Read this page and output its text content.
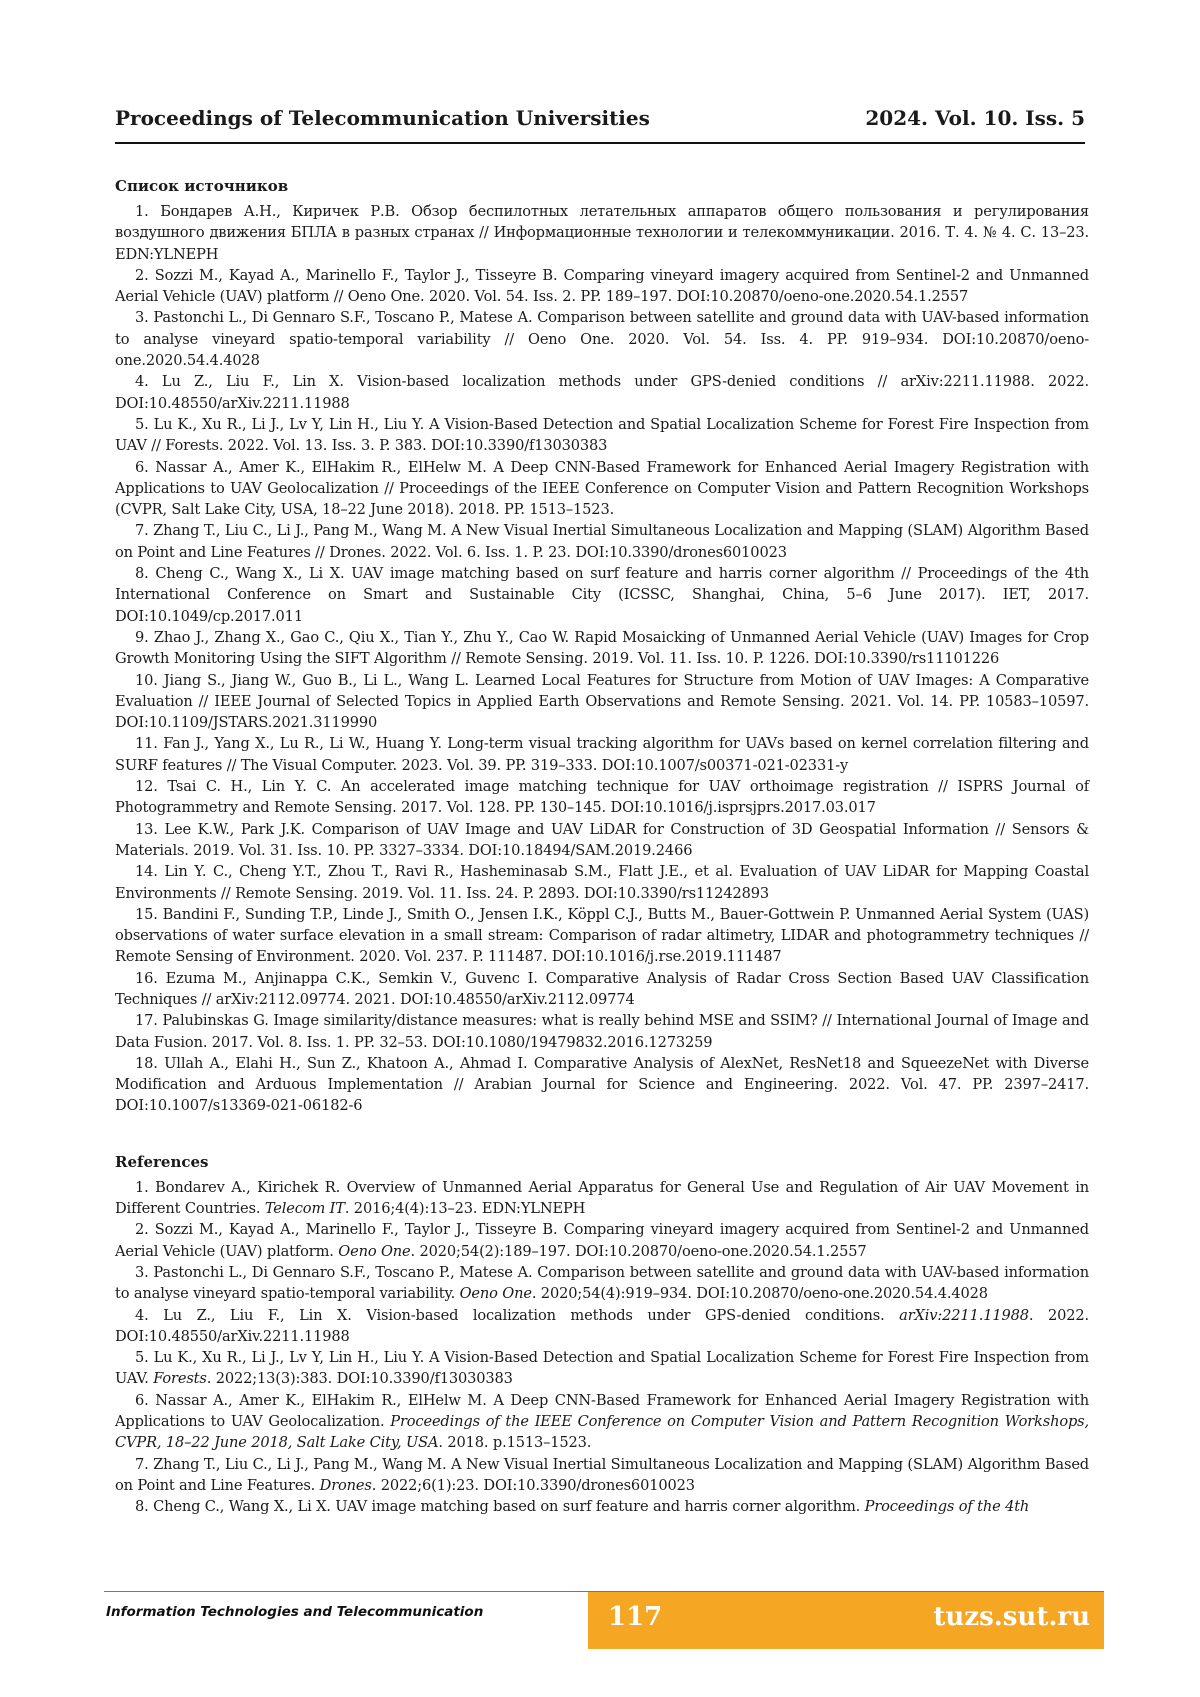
Proceedings of Telecommunication Universities	2024. Vol. 10. Iss. 5
Список источников

1. Бондарев А.Н., Киричек Р.В. Обзор беспилотных летательных аппаратов общего пользования и регулирования воздушного движения БПЛА в разных странах // Информационные технологии и телекоммуникации. 2016. Т. 4. № 4. С. 13–23. EDN:YLNEPH

2. Sozzi M., Kayad A., Marinello F., Taylor J., Tisseyre B. Comparing vineyard imagery acquired from Sentinel-2 and Unmanned Aerial Vehicle (UAV) platform // Oeno One. 2020. Vol. 54. Iss. 2. PP. 189–197. DOI:10.20870/oeno-one.2020.54.1.2557

3. Pastonchi L., Di Gennaro S.F., Toscano P., Matese A. Comparison between satellite and ground data with UAV-based information to analyse vineyard spatio-temporal variability // Oeno One. 2020. Vol. 54. Iss. 4. PP. 919–934. DOI:10.20870/oeno-one.2020.54.4.4028

4. Lu Z., Liu F., Lin X. Vision-based localization methods under GPS-denied conditions // arXiv:2211.11988. 2022. DOI:10.48550/arXiv.2211.11988

5. Lu K., Xu R., Li J., Lv Y, Lin H., Liu Y. A Vision-Based Detection and Spatial Localization Scheme for Forest Fire Inspection from UAV // Forests. 2022. Vol. 13. Iss. 3. P. 383. DOI:10.3390/f13030383

6. Nassar A., Amer K., ElHakim R., ElHelw M. A Deep CNN-Based Framework for Enhanced Aerial Imagery Registration with Applications to UAV Geolocalization // Proceedings of the IEEE Conference on Computer Vision and Pattern Recognition Workshops (CVPR, Salt Lake City, USA, 18–22 June 2018). 2018. PP. 1513–1523.

7. Zhang T., Liu C., Li J., Pang M., Wang M. A New Visual Inertial Simultaneous Localization and Mapping (SLAM) Algorithm Based on Point and Line Features // Drones. 2022. Vol. 6. Iss. 1. P. 23. DOI:10.3390/drones6010023

8. Cheng C., Wang X., Li X. UAV image matching based on surf feature and harris corner algorithm // Proceedings of the 4th International Conference on Smart and Sustainable City (ICSSC, Shanghai, China, 5–6 June 2017). IET, 2017. DOI:10.1049/cp.2017.011

9. Zhao J., Zhang X., Gao C., Qiu X., Tian Y., Zhu Y., Cao W. Rapid Mosaicking of Unmanned Aerial Vehicle (UAV) Images for Crop Growth Monitoring Using the SIFT Algorithm // Remote Sensing. 2019. Vol. 11. Iss. 10. P. 1226. DOI:10.3390/rs11101226

10. Jiang S., Jiang W., Guo B., Li L., Wang L. Learned Local Features for Structure from Motion of UAV Images: A Comparative Evaluation // IEEE Journal of Selected Topics in Applied Earth Observations and Remote Sensing. 2021. Vol. 14. PP. 10583–10597. DOI:10.1109/JSTARS.2021.3119990

11. Fan J., Yang X., Lu R., Li W., Huang Y. Long-term visual tracking algorithm for UAVs based on kernel correlation filtering and SURF features // The Visual Computer. 2023. Vol. 39. PP. 319–333. DOI:10.1007/s00371-021-02331-y

12. Tsai C. H., Lin Y. C. An accelerated image matching technique for UAV orthoimage registration // ISPRS Journal of Photogrammetry and Remote Sensing. 2017. Vol. 128. PP. 130–145. DOI:10.1016/j.isprsjprs.2017.03.017

13. Lee K.W., Park J.K. Comparison of UAV Image and UAV LiDAR for Construction of 3D Geospatial Information // Sensors & Materials. 2019. Vol. 31. Iss. 10. PP. 3327–3334. DOI:10.18494/SAM.2019.2466

14. Lin Y. C., Cheng Y.T., Zhou T., Ravi R., Hasheminasab S.M., Flatt J.E., et al. Evaluation of UAV LiDAR for Mapping Coastal Environments // Remote Sensing. 2019. Vol. 11. Iss. 24. P. 2893. DOI:10.3390/rs11242893

15. Bandini F., Sunding T.P., Linde J., Smith O., Jensen I.K., Köppl C.J., Butts M., Bauer-Gottwein P. Unmanned Aerial System (UAS) observations of water surface elevation in a small stream: Comparison of radar altimetry, LIDAR and photogrammetry techniques // Remote Sensing of Environment. 2020. Vol. 237. P. 111487. DOI:10.1016/j.rse.2019.111487

16. Ezuma M., Anjinappa C.K., Semkin V., Guvenc I. Comparative Analysis of Radar Cross Section Based UAV Classification Techniques // arXiv:2112.09774. 2021. DOI:10.48550/arXiv.2112.09774

17. Palubinskas G. Image similarity/distance measures: what is really behind MSE and SSIM? // International Journal of Image and Data Fusion. 2017. Vol. 8. Iss. 1. PP. 32–53. DOI:10.1080/19479832.2016.1273259

18. Ullah A., Elahi H., Sun Z., Khatoon A., Ahmad I. Comparative Analysis of AlexNet, ResNet18 and SqueezeNet with Diverse Modification and Arduous Implementation // Arabian Journal for Science and Engineering. 2022. Vol. 47. PP. 2397–2417. DOI:10.1007/s13369-021-06182-6

References

1. Bondarev A., Kirichek R. Overview of Unmanned Aerial Apparatus for General Use and Regulation of Air UAV Movement in Different Countries. Telecom IT. 2016;4(4):13–23. EDN:YLNEPH

2. Sozzi M., Kayad A., Marinello F., Taylor J., Tisseyre B. Comparing vineyard imagery acquired from Sentinel-2 and Unmanned Aerial Vehicle (UAV) platform. Oeno One. 2020;54(2):189–197. DOI:10.20870/oeno-one.2020.54.1.2557

3. Pastonchi L., Di Gennaro S.F., Toscano P., Matese A. Comparison between satellite and ground data with UAV-based information to analyse vineyard spatio-temporal variability. Oeno One. 2020;54(4):919–934. DOI:10.20870/oeno-one.2020.54.4.4028

4. Lu Z., Liu F., Lin X. Vision-based localization methods under GPS-denied conditions. arXiv:2211.11988. 2022. DOI:10.48550/arXiv.2211.11988

5. Lu K., Xu R., Li J., Lv Y, Lin H., Liu Y. A Vision-Based Detection and Spatial Localization Scheme for Forest Fire Inspection from UAV. Forests. 2022;13(3):383. DOI:10.3390/f13030383

6. Nassar A., Amer K., ElHakim R., ElHelw M. A Deep CNN-Based Framework for Enhanced Aerial Imagery Registration with Applications to UAV Geolocalization. Proceedings of the IEEE Conference on Computer Vision and Pattern Recognition Workshops, CVPR, 18–22 June 2018, Salt Lake City, USA. 2018. p.1513–1523.

7. Zhang T., Liu C., Li J., Pang M., Wang M. A New Visual Inertial Simultaneous Localization and Mapping (SLAM) Algorithm Based on Point and Line Features. Drones. 2022;6(1):23. DOI:10.3390/drones6010023

8. Cheng C., Wang X., Li X. UAV image matching based on surf feature and harris corner algorithm. Proceedings of the 4th

Information Technologies and Telecommunication	117	tuzs.sut.ru
